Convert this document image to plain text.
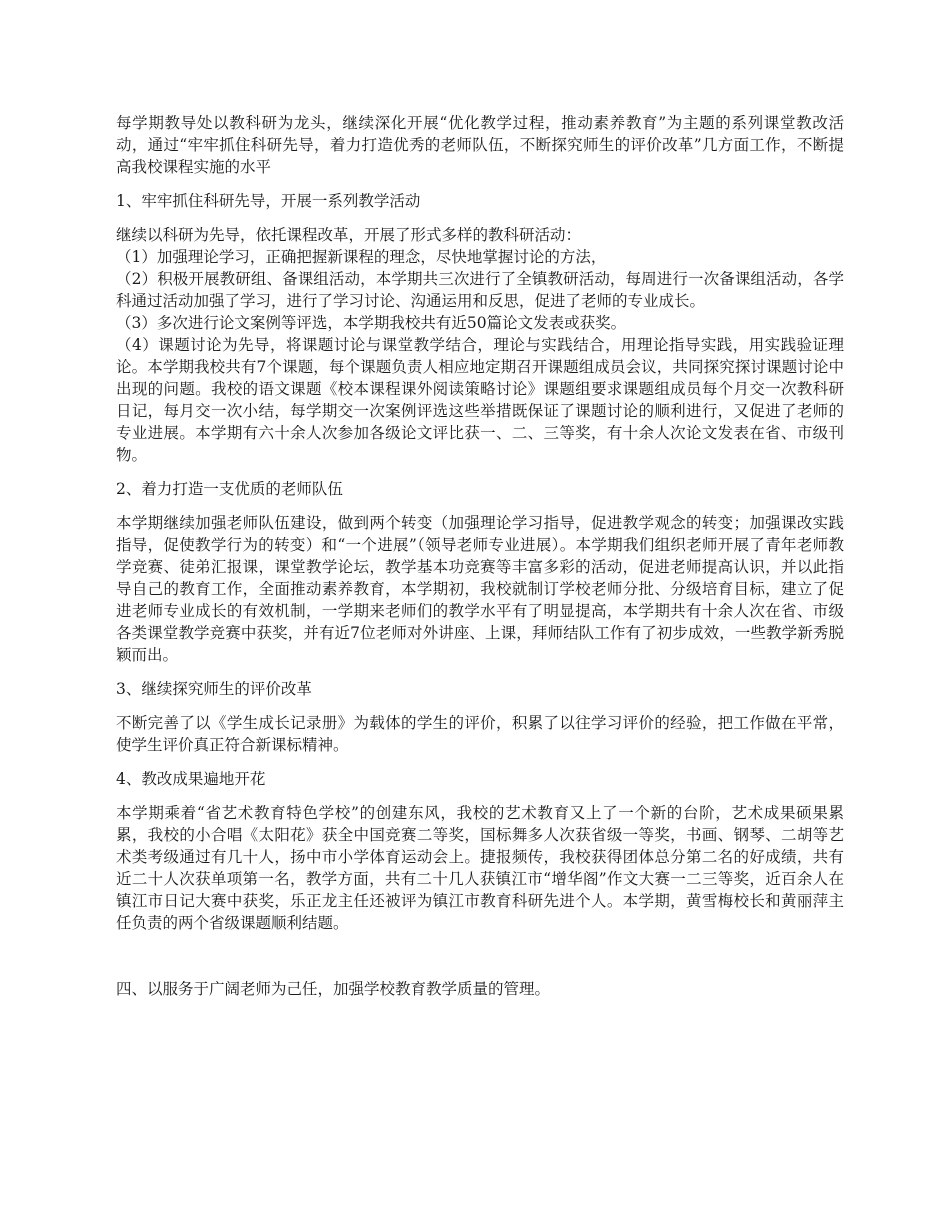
每学期教导处以教科研为龙头，继续深化开展“优化教学过程，推动素养教育”为主题的系列课堂教改活动，通过“牢牢抓住科研先导，着力打造优秀的老师队伍，不断探究师生的评价改革”几方面工作，不断提高我校课程实施的水平

1、牢牢抓住科研先导，开展一系列教学活动

继续以科研为先导，依托课程改革，开展了形式多样的教科研活动：
（1）加强理论学习，正确把握新课程的理念，尽快地掌握讨论的方法，
（2）积极开展教研组、备课组活动，本学期共三次进行了全镇教研活动，每周进行一次备课组活动，各学科通过活动加强了学习，进行了学习讨论、沟通运用和反思，促进了老师的专业成长。
（3）多次进行论文案例等评选，本学期我校共有近50篇论文发表或获奖。
（4）课题讨论为先导，将课题讨论与课堂教学结合，理论与实践结合，用理论指导实践，用实践验证理论。本学期我校共有7个课题，每个课题负责人相应地定期召开课题组成员会议，共同探究探讨课题讨论中出现的问题。我校的语文课题《校本课程课外阅读策略讨论》课题组要求课题组成员每个月交一次教科研日记，每月交一次小结，每学期交一次案例评选这些举措既保证了课题讨论的顺利进行，又促进了老师的专业进展。本学期有六十余人次参加各级论文评比获一、二、三等奖，有十余人次论文发表在省、市级刊物。

2、着力打造一支优质的老师队伍

本学期继续加强老师队伍建设，做到两个转变（加强理论学习指导，促进教学观念的转变；加强课改实践指导，促使教学行为的转变）和“一个进展”（领导老师专业进展）。本学期我们组织老师开展了青年老师教学竞赛、徒弟汇报课，课堂教学论坛，教学基本功竞赛等丰富多彩的活动，促进老师提高认识，并以此指导自己的教育工作，全面推动素养教育，本学期初，我校就制订学校老师分批、分级培育目标，建立了促进老师专业成长的有效机制，一学期来老师们的教学水平有了明显提高，本学期共有十余人次在省、市级各类课堂教学竞赛中获奖，并有近7位老师对外讲座、上课，拜师结队工作有了初步成效，一些教学新秀脱颖而出。

3、继续探究师生的评价改革

不断完善了以《学生成长记录册》为载体的学生的评价，积累了以往学习评价的经验，把工作做在平常，使学生评价真正符合新课标精神。

4、教改成果遍地开花

本学期乘着“省艺术教育特色学校”的创建东风，我校的艺术教育又上了一个新的台阶，艺术成果硕果累累，我校的小合唱《太阳花》获全中国竞赛二等奖，国标舞多人次获省级一等奖，书画、钢琴、二胡等艺术类考级通过有几十人，扬中市小学体育运动会上。捷报频传，我校获得团体总分第二名的好成绩，共有近二十人次获单项第一名，教学方面，共有二十几人获镇江市“增华阁”作文大赛一二三等奖，近百余人在镇江市日记大赛中获奖，乐正龙主任还被评为镇江市教育科研先进个人。本学期，黄雪梅校长和黄丽萍主任负责的两个省级课题顺利结题。

四、以服务于广阔老师为己任，加强学校教育教学质量的管理。
